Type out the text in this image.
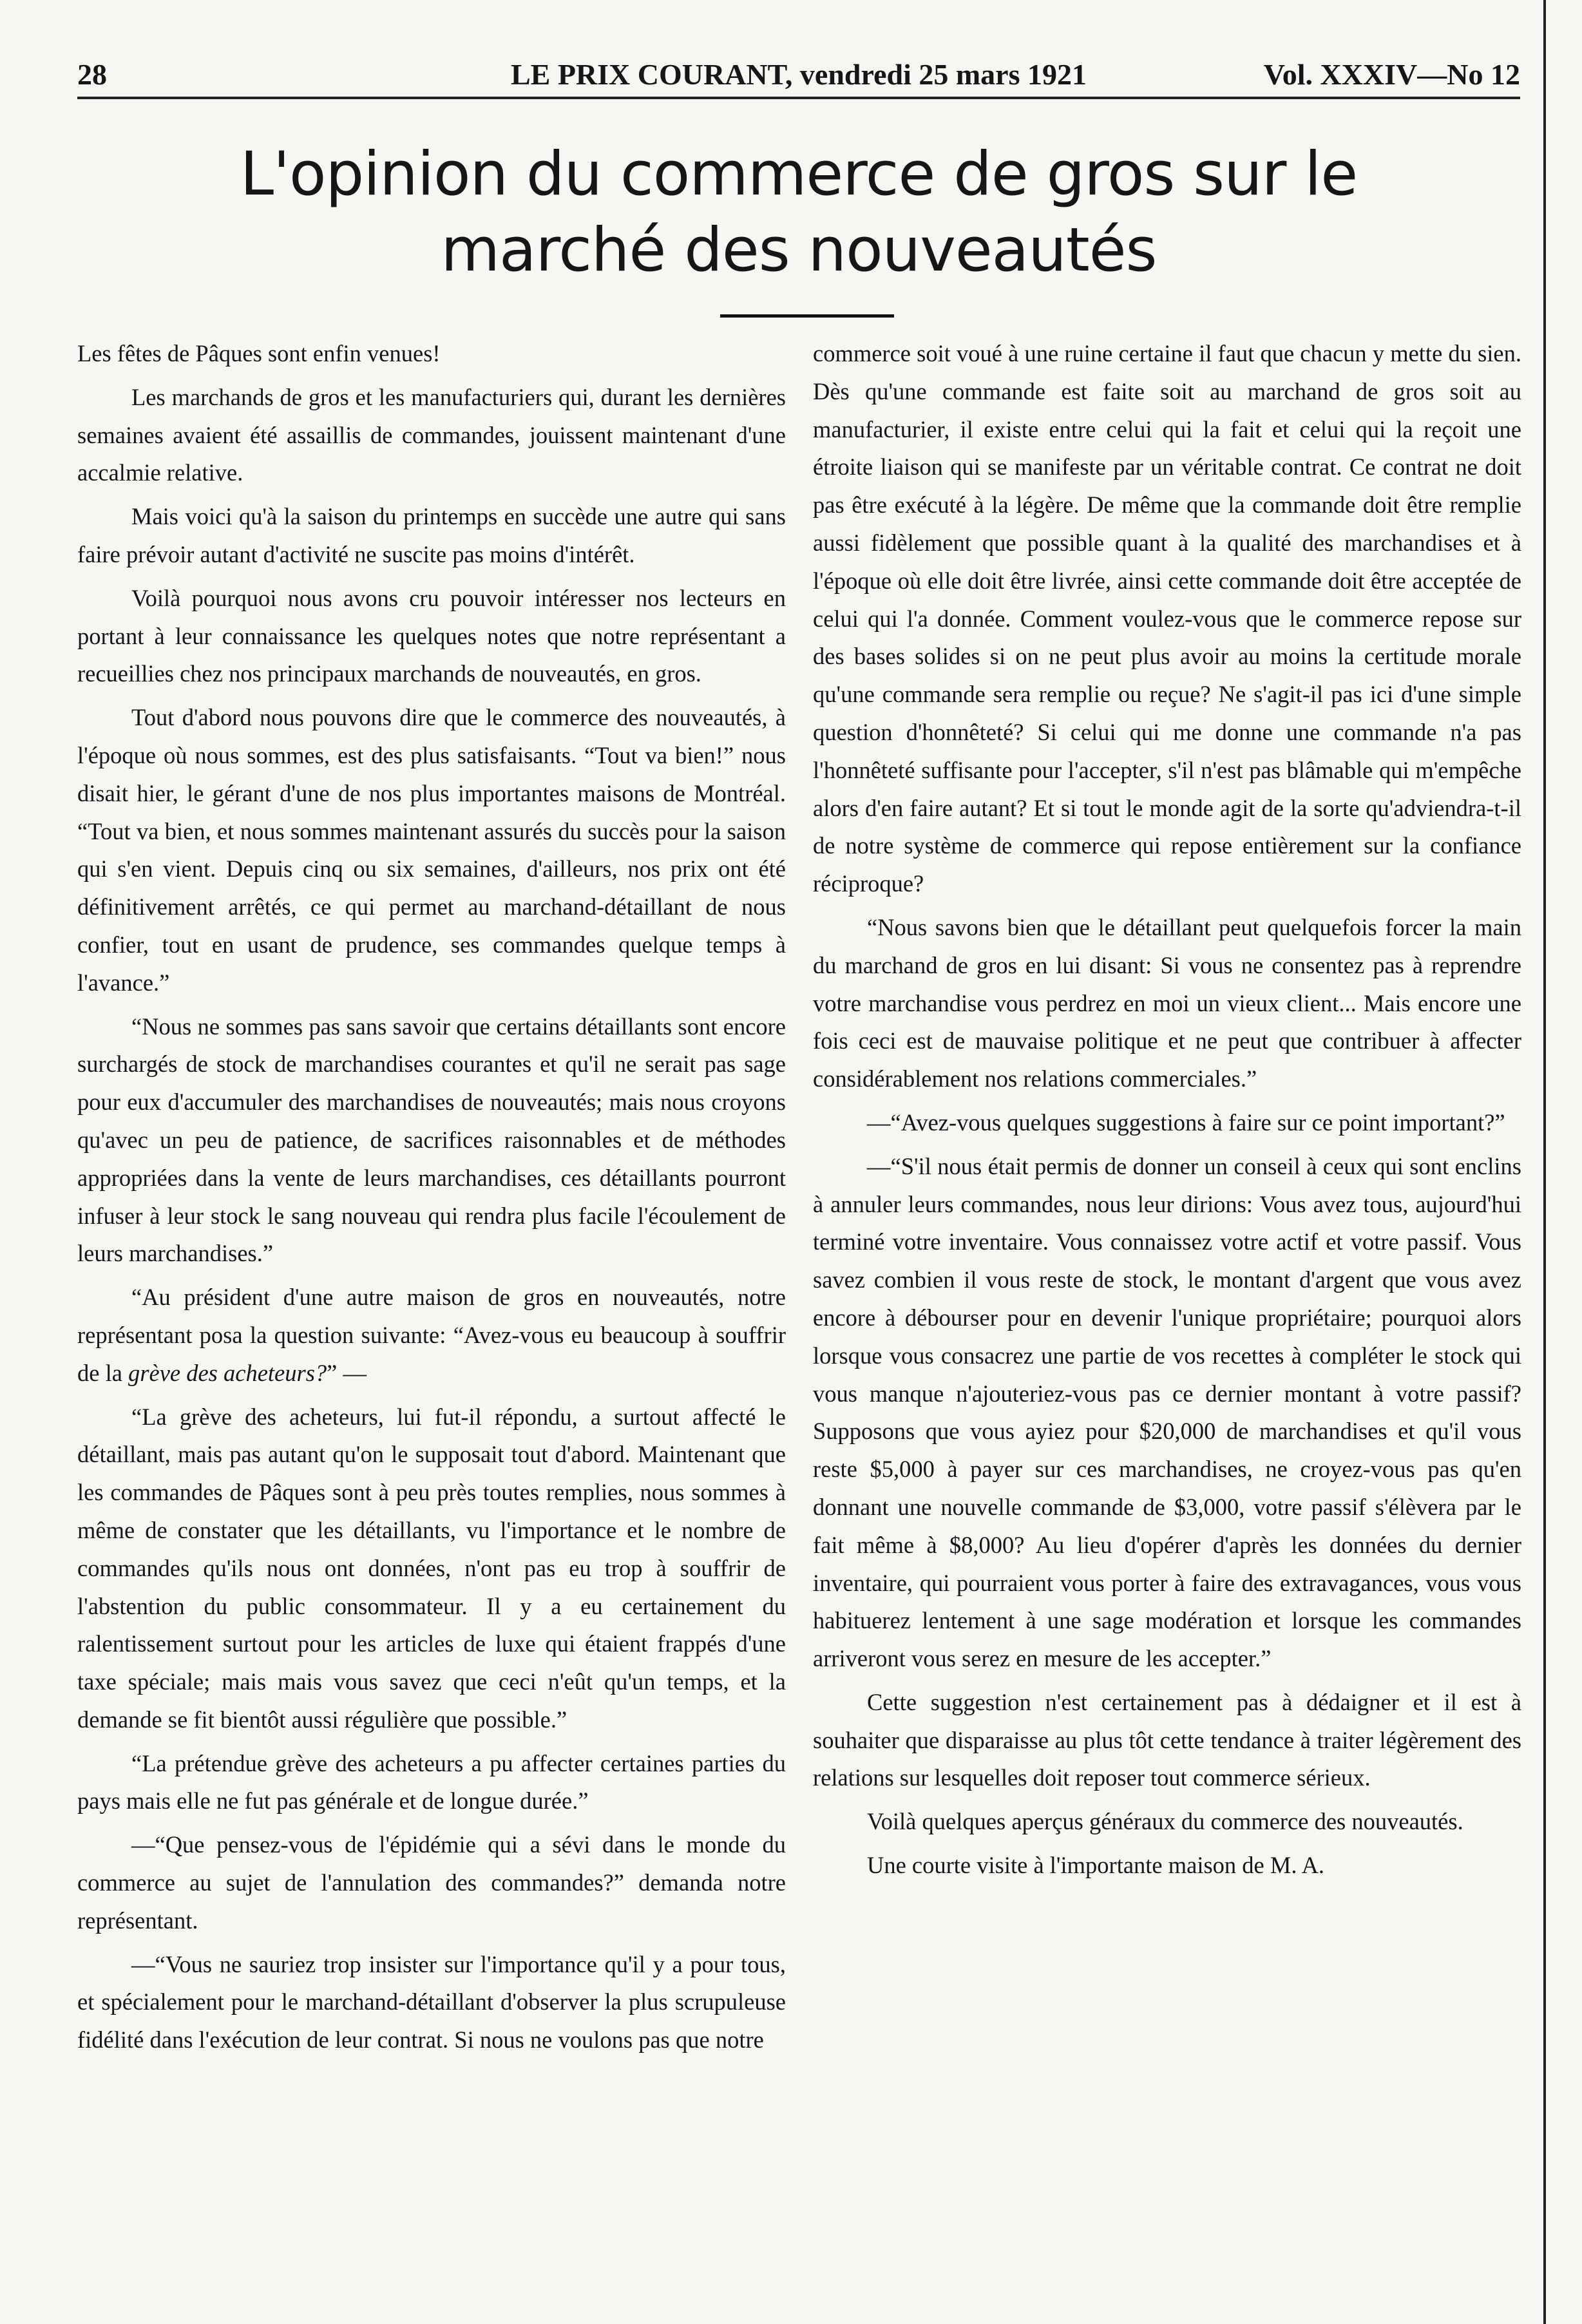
28	LE PRIX COURANT, vendredi 25 mars 1921	Vol. XXXIV—No 12
L'opinion du commerce de gros sur le
marché des nouveautés

Les fêtes de Pâques sont enfin venues!

Les marchands de gros et les manufacturiers qui, durant les dernières semaines avaient été assaillis de commandes, jouissent maintenant d'une accalmie relative.

Mais voici qu'à la saison du printemps en succède une autre qui sans faire prévoir autant d'activité ne suscite pas moins d'intérêt.

Voilà pourquoi nous avons cru pouvoir intéresser nos lecteurs en portant à leur connaissance les quelques notes que notre représentant a recueillies chez nos principaux marchands de nouveautés, en gros.

Tout d'abord nous pouvons dire que le commerce des nouveautés, à l'époque où nous sommes, est des plus satisfaisants. “Tout va bien!” nous disait hier, le gérant d'une de nos plus importantes maisons de Montréal. “Tout va bien, et nous sommes maintenant assurés du succès pour la saison qui s'en vient. Depuis cinq ou six semaines, d'ailleurs, nos prix ont été définitivement arrêtés, ce qui permet au marchand-détaillant de nous confier, tout en usant de prudence, ses commandes quelque temps à l'avance.”

“Nous ne sommes pas sans savoir que certains détaillants sont encore surchargés de stock de marchandises courantes et qu'il ne serait pas sage pour eux d'accumuler des marchandises de nouveautés; mais nous croyons qu'avec un peu de patience, de sacrifices raisonnables et de méthodes appropriées dans la vente de leurs marchandises, ces détaillants pourront infuser à leur stock le sang nouveau qui rendra plus facile l'écoulement de leurs marchandises.”

“Au président d'une autre maison de gros en nouveautés, notre représentant posa la question suivante: “Avez-vous eu beaucoup à souffrir de la grève des acheteurs?” —

“La grève des acheteurs, lui fut-il répondu, a surtout affecté le détaillant, mais pas autant qu'on le supposait tout d'abord. Maintenant que les commandes de Pâques sont à peu près toutes remplies, nous sommes à même de constater que les détaillants, vu l'importance et le nombre de commandes qu'ils nous ont données, n'ont pas eu trop à souffrir de l'abstention du public consommateur. Il y a eu certainement du ralentissement surtout pour les articles de luxe qui étaient frappés d'une taxe spéciale; mais mais vous savez que ceci n'eût qu'un temps, et la demande se fit bientôt aussi régulière que possible.”

“La prétendue grève des acheteurs a pu affecter certaines parties du pays mais elle ne fut pas générale et de longue durée.”

—“Que pensez-vous de l'épidémie qui a sévi dans le monde du commerce au sujet de l'annulation des commandes?” demanda notre représentant.

—“Vous ne sauriez trop insister sur l'importance qu'il y a pour tous, et spécialement pour le marchand-détaillant d'observer la plus scrupuleuse fidélité dans l'exécution de leur contrat. Si nous ne voulons pas que notre

commerce soit voué à une ruine certaine il faut que chacun y mette du sien. Dès qu'une commande est faite soit au marchand de gros soit au manufacturier, il existe entre celui qui la fait et celui qui la reçoit une étroite liaison qui se manifeste par un véritable contrat. Ce contrat ne doit pas être exécuté à la légère. De même que la commande doit être remplie aussi fidèlement que possible quant à la qualité des marchandises et à l'époque où elle doit être livrée, ainsi cette commande doit être acceptée de celui qui l'a donnée. Comment voulez-vous que le commerce repose sur des bases solides si on ne peut plus avoir au moins la certitude morale qu'une commande sera remplie ou reçue? Ne s'agit-il pas ici d'une simple question d'honnêteté? Si celui qui me donne une commande n'a pas l'honnêteté suffisante pour l'accepter, s'il n'est pas blâmable qui m'empêche alors d'en faire autant? Et si tout le monde agit de la sorte qu'adviendra-t-il de notre système de commerce qui repose entièrement sur la confiance réciproque?

“Nous savons bien que le détaillant peut quelquefois forcer la main du marchand de gros en lui disant: Si vous ne consentez pas à reprendre votre marchandise vous perdrez en moi un vieux client... Mais encore une fois ceci est de mauvaise politique et ne peut que contribuer à affecter considérablement nos relations commerciales.”

—“Avez-vous quelques suggestions à faire sur ce point important?”

—“S'il nous était permis de donner un conseil à ceux qui sont enclins à annuler leurs commandes, nous leur dirions: Vous avez tous, aujourd'hui terminé votre inventaire. Vous connaissez votre actif et votre passif. Vous savez combien il vous reste de stock, le montant d'argent que vous avez encore à débourser pour en devenir l'unique propriétaire; pourquoi alors lorsque vous consacrez une partie de vos recettes à compléter le stock qui vous manque n'ajouteriez-vous pas ce dernier montant à votre passif? Supposons que vous ayiez pour $20,000 de marchandises et qu'il vous reste $5,000 à payer sur ces marchandises, ne croyez-vous pas qu'en donnant une nouvelle commande de $3,000, votre passif s'élèvera par le fait même à $8,000? Au lieu d'opérer d'après les données du dernier inventaire, qui pourraient vous porter à faire des extravagances, vous vous habituerez lentement à une sage modération et lorsque les commandes arriveront vous serez en mesure de les accepter.”

Cette suggestion n'est certainement pas à dédaigner et il est à souhaiter que disparaisse au plus tôt cette tendance à traiter légèrement des relations sur lesquelles doit reposer tout commerce sérieux.

Voilà quelques aperçus généraux du commerce des nouveautés.

Une courte visite à l'importante maison de M. A.
